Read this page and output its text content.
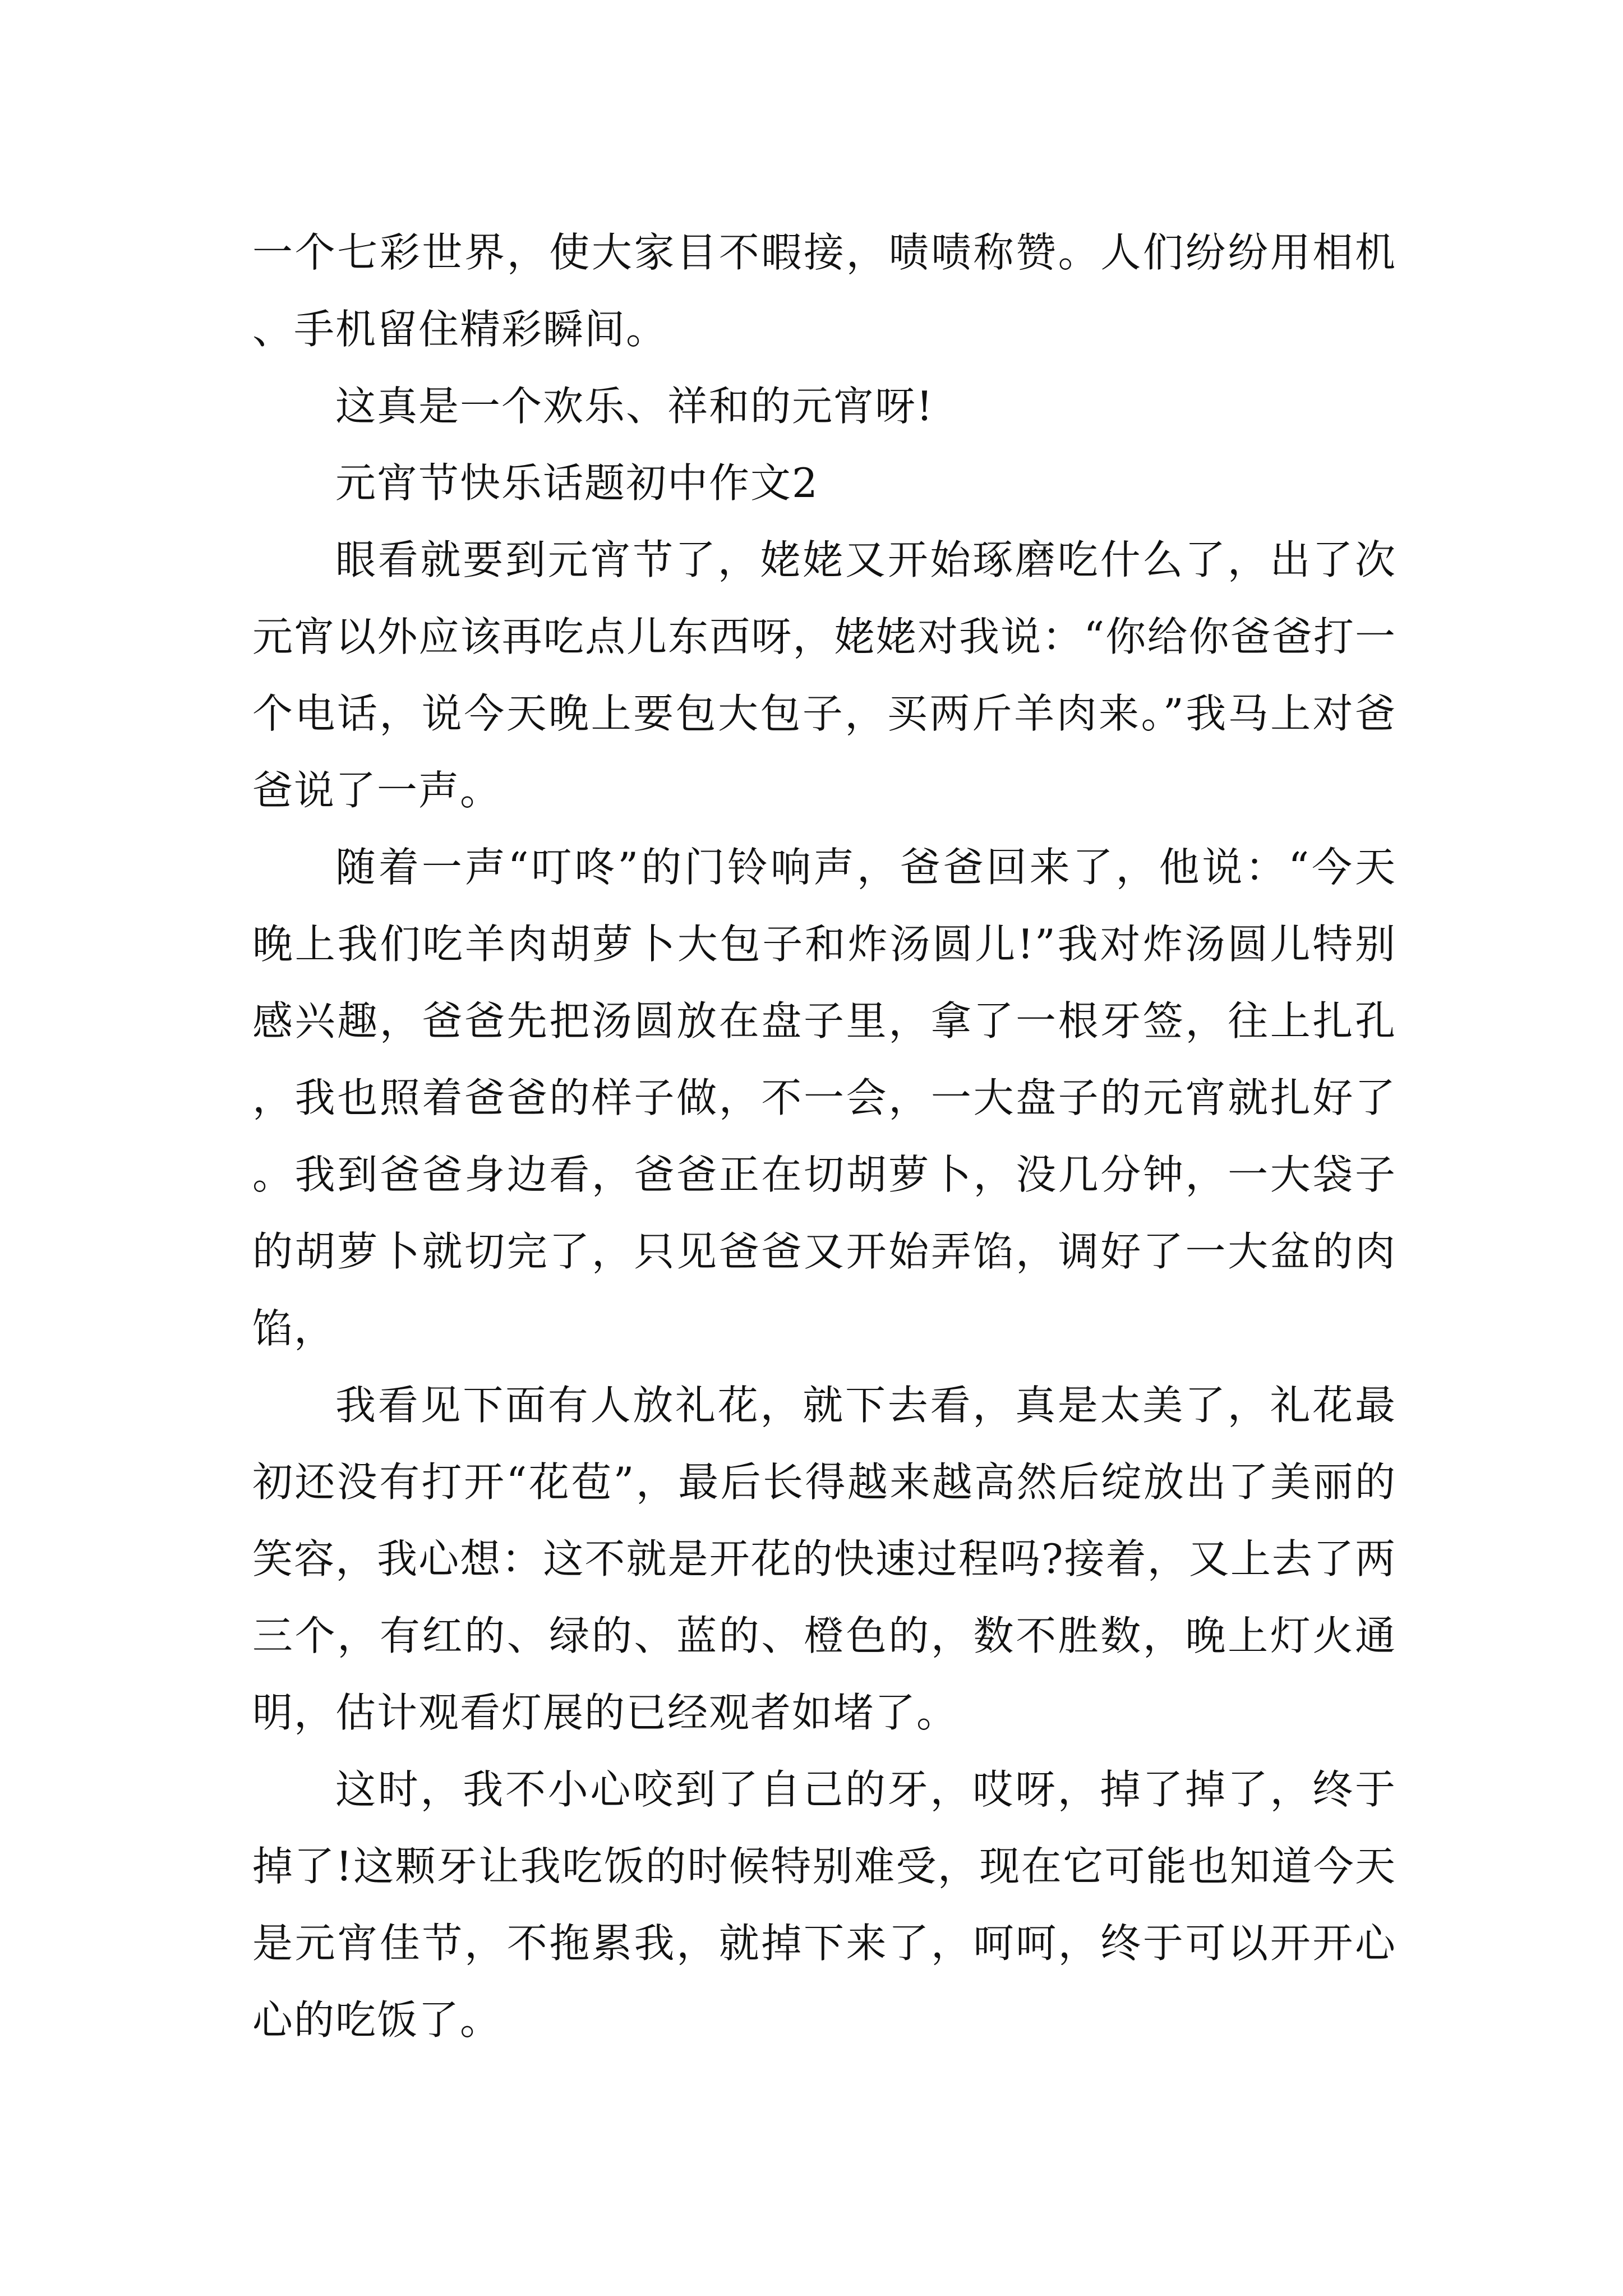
一个七彩世界，使大家目不暇接，啧啧称赞。人们纷纷用相机、手机留住精彩瞬间。

这真是一个欢乐、祥和的元宵呀!

元宵节快乐话题初中作文2

眼看就要到元宵节了，姥姥又开始琢磨吃什么了，出了次元宵以外应该再吃点儿东西呀，姥姥对我说：“你给你爸爸打一个电话，说今天晚上要包大包子，买两斤羊肉来。”我马上对爸爸说了一声。

随着一声“叮咚”的门铃响声，爸爸回来了，他说：“今天晚上我们吃羊肉胡萝卜大包子和炸汤圆儿!”我对炸汤圆儿特别感兴趣，爸爸先把汤圆放在盘子里，拿了一根牙签，往上扎孔，我也照着爸爸的样子做，不一会，一大盘子的元宵就扎好了。我到爸爸身边看，爸爸正在切胡萝卜，没几分钟，一大袋子的胡萝卜就切完了，只见爸爸又开始弄馅，调好了一大盆的肉馅，

我看见下面有人放礼花，就下去看，真是太美了，礼花最初还没有打开“花苞”，最后长得越来越高然后绽放出了美丽的笑容，我心想：这不就是开花的快速过程吗?接着，又上去了两三个，有红的、绿的、蓝的、橙色的，数不胜数，晚上灯火通明，估计观看灯展的已经观者如堵了。

这时，我不小心咬到了自己的牙，哎呀，掉了掉了，终于掉了!这颗牙让我吃饭的时候特别难受，现在它可能也知道今天是元宵佳节，不拖累我，就掉下来了，呵呵，终于可以开开心心的吃饭了。
